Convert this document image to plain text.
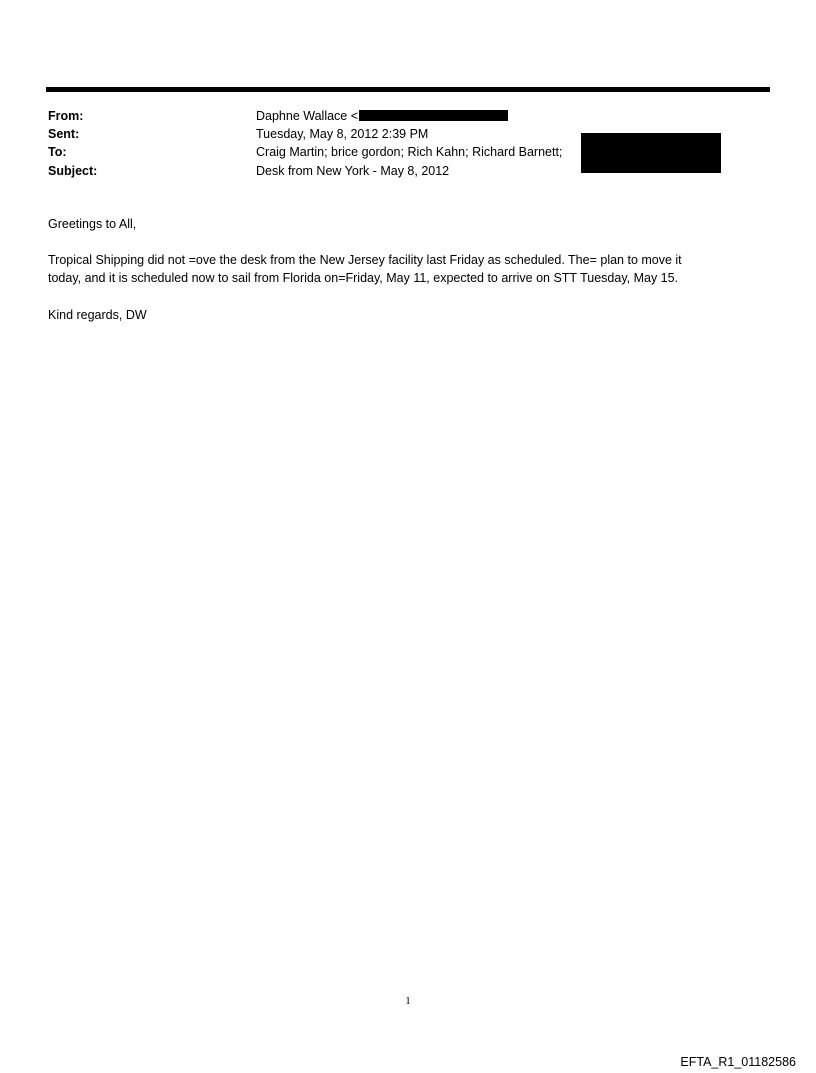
From:	Daphne Wallace <
Sent:	Tuesday, May 8, 2012 2:39 PM
To:	Craig Martin; brice gordon; Rich Kahn; Richard Barnett;
Subject:	Desk from New York - May 8, 2012
Greetings to All,
Tropical Shipping did not =ove the desk from the New Jersey facility last Friday as scheduled. The= plan to move it
today, and it is scheduled now to sail from Florida on=Friday, May 11, expected to arrive on STT Tuesday, May 15.
Kind regards, DW
1
EFTA_R1_01182586
